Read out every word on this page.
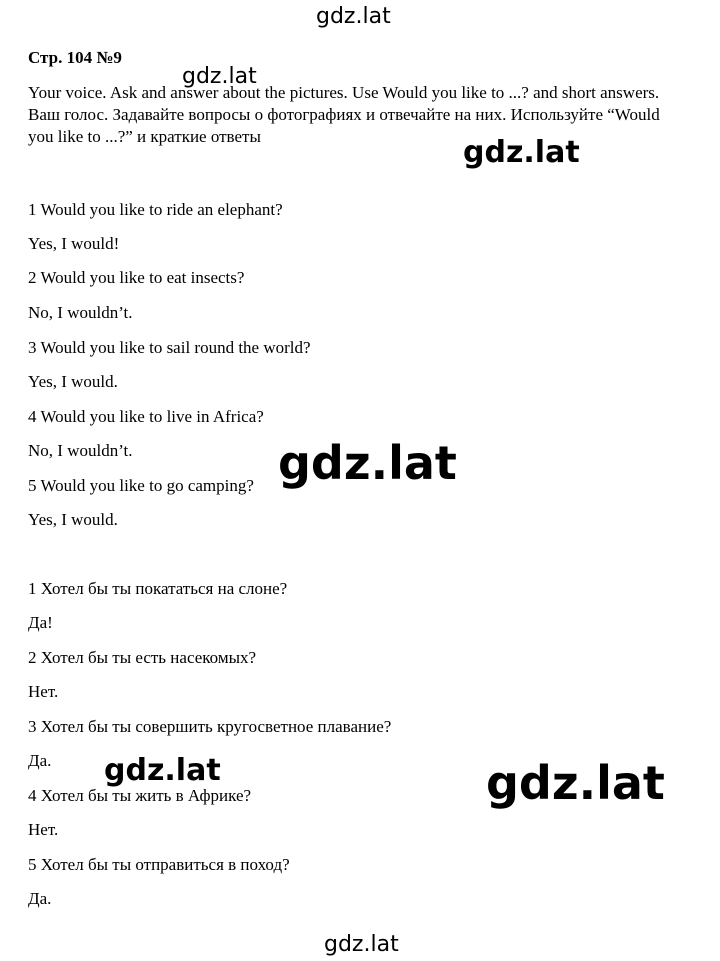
Стр. 104 №9
Your voice. Ask and answer about the pictures. Use Would you like to ...? and short answers. Ваш голос. Задавайте вопросы о фотографиях и отвечайте на них. Используйте “Would you like to ...?” и краткие ответы
1 Would you like to ride an elephant?
Yes, I would!
2 Would you like to eat insects?
No, I wouldn’t.
3 Would you like to sail round the world?
Yes, I would.
4 Would you like to live in Africa?
No, I wouldn’t.
5 Would you like to go camping?
Yes, I would.
1 Хотел бы ты покататься на слоне?
Да!
2 Хотел бы ты есть насекомых?
Нет.
3 Хотел бы ты совершить кругосветное плавание?
Да.
4 Хотел бы ты жить в Африке?
Нет.
5 Хотел бы ты отправиться в поход?
Да.
gdz.lat
gdz.lat
gdz.lat
gdz.lat
gdz.lat	gdz.lat
gdz.lat
